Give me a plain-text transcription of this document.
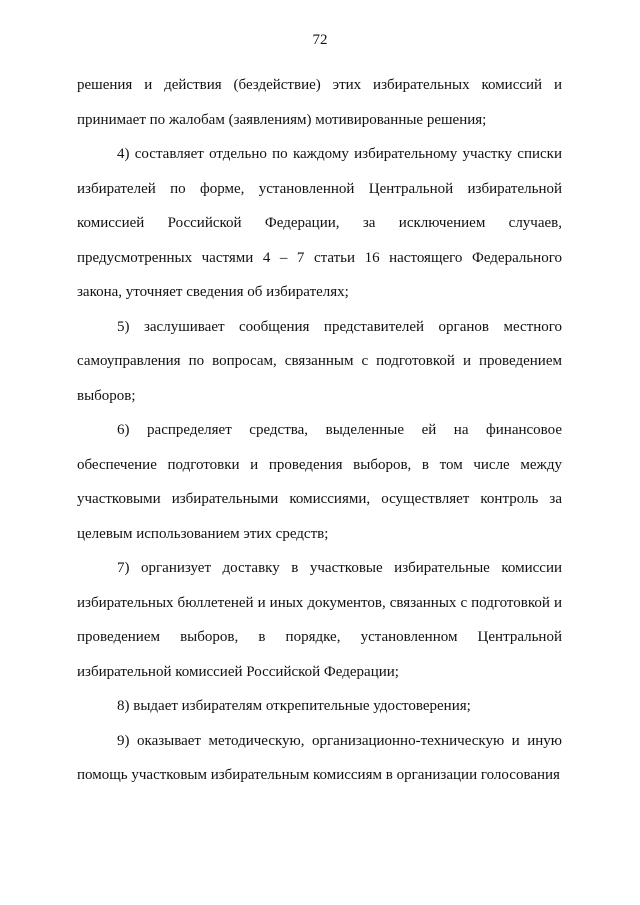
72

решения и действия (бездействие) этих избирательных комиссий и принимает по жалобам (заявлениям) мотивированные решения;

4) составляет отдельно по каждому избирательному участку списки избирателей по форме, установленной Центральной избирательной комиссией Российской Федерации, за исключением случаев, предусмотренных частями 4 – 7 статьи 16 настоящего Федерального закона, уточняет сведения об избирателях;

5) заслушивает сообщения представителей органов местного самоуправления по вопросам, связанным с подготовкой и проведением выборов;

6) распределяет средства, выделенные ей на финансовое обеспечение подготовки и проведения выборов, в том числе между участковыми избирательными комиссиями, осуществляет контроль за целевым использованием этих средств;

7) организует доставку в участковые избирательные комиссии избирательных бюллетеней и иных документов, связанных с подготовкой и проведением выборов, в порядке, установленном Центральной избирательной комиссией Российской Федерации;

8) выдает избирателям открепительные удостоверения;

9) оказывает методическую, организационно-техническую и иную помощь участковым избирательным комиссиям в организации голосования
